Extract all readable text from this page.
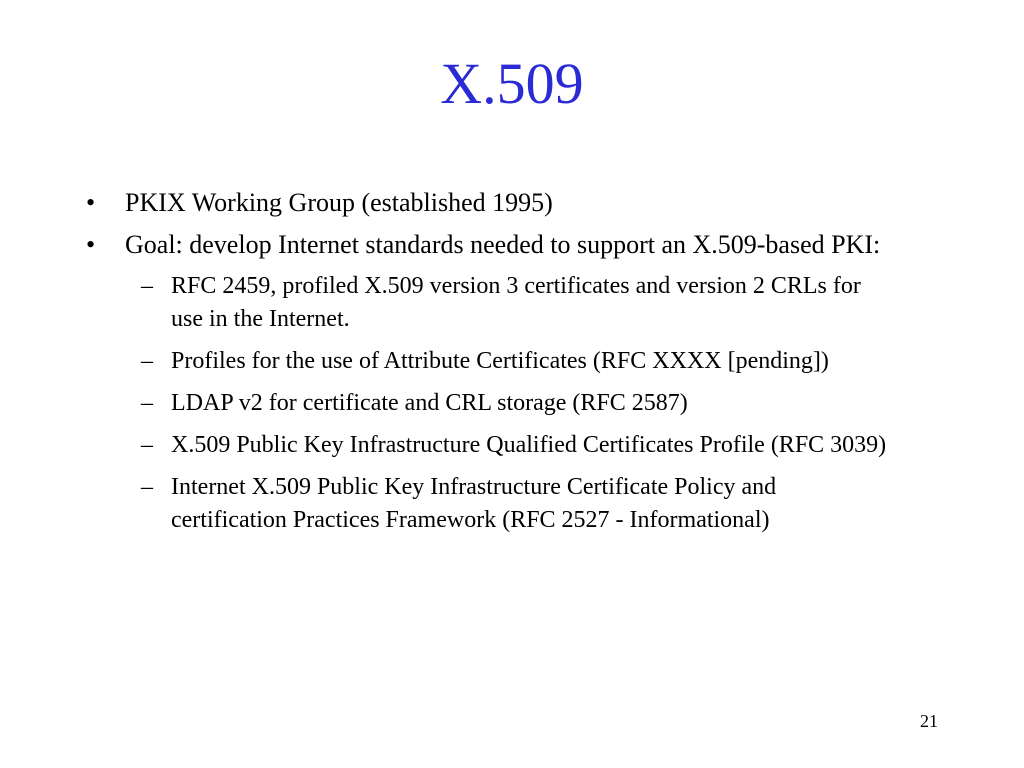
X.509
•	PKIX Working Group (established 1995)
•	Goal: develop Internet standards needed to support an X.509-based PKI:
– RFC 2459, profiled X.509 version 3 certificates and version 2 CRLs for use in the Internet.
– Profiles for the use of Attribute Certificates (RFC XXXX [pending])
– LDAP v2 for certificate and CRL storage (RFC 2587)
– X.509 Public Key Infrastructure Qualified Certificates Profile (RFC 3039)
– Internet X.509 Public Key Infrastructure Certificate Policy and certification Practices Framework (RFC 2527 - Informational)
21
